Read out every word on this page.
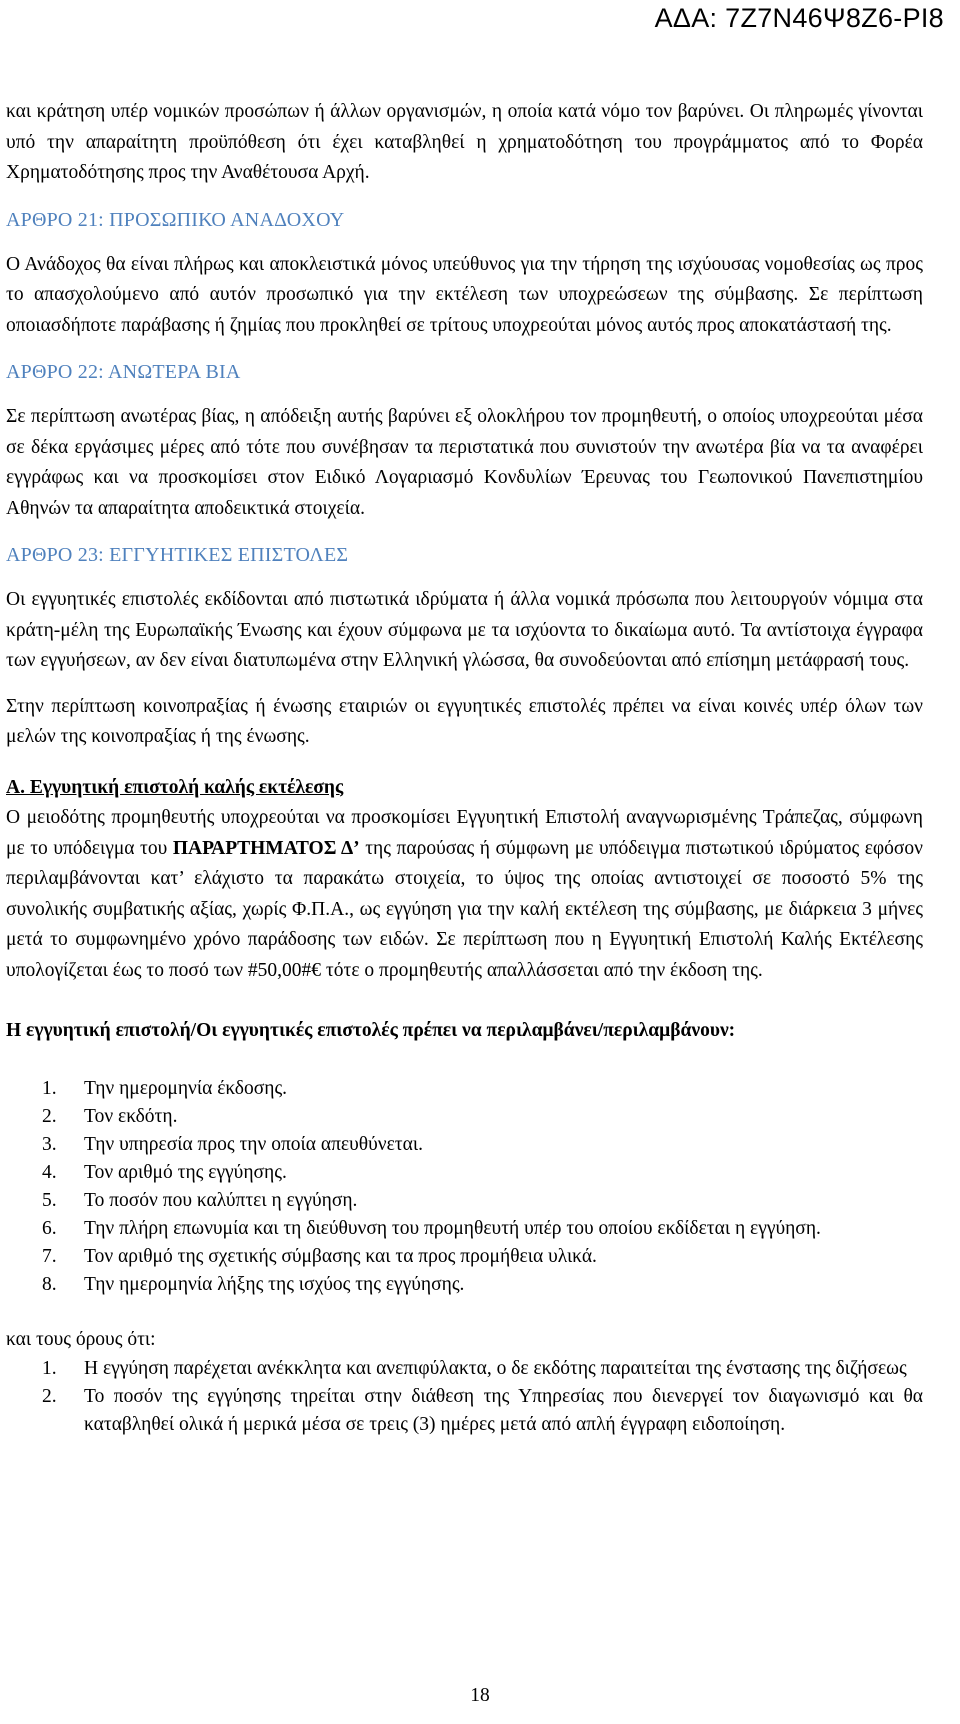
ΑΔΑ: 7Ζ7Ν46Ψ8Ζ6-ΡΙ8

και κράτηση υπέρ νομικών προσώπων ή άλλων οργανισμών, η οποία κατά νόμο τον βαρύνει. Οι πληρωμές γίνονται υπό την απαραίτητη προϋπόθεση ότι έχει καταβληθεί η χρηματοδότηση του προγράμματος από το Φορέα Χρηματοδότησης προς την Αναθέτουσα Αρχή.

ΑΡΘΡΟ 21: ΠΡΟΣΩΠΙΚΟ ΑΝΑΔΟΧΟΥ

Ο Ανάδοχος θα είναι πλήρως και αποκλειστικά μόνος υπεύθυνος για την τήρηση της ισχύουσας νομοθεσίας ως προς το απασχολούμενο από αυτόν προσωπικό για την εκτέλεση των υποχρεώσεων της σύμβασης. Σε περίπτωση οποιασδήποτε παράβασης ή ζημίας που προκληθεί σε τρίτους υποχρεούται μόνος αυτός προς αποκατάστασή της.

ΑΡΘΡΟ 22: ΑΝΩΤΕΡΑ ΒΙΑ

Σε περίπτωση ανωτέρας βίας, η απόδειξη αυτής βαρύνει εξ ολοκλήρου τον προμηθευτή, ο οποίος υποχρεούται μέσα σε δέκα εργάσιμες μέρες από τότε που συνέβησαν τα περιστατικά που συνιστούν την ανωτέρα βία να τα αναφέρει εγγράφως και να προσκομίσει στον Ειδικό Λογαριασμό Κονδυλίων Έρευνας του Γεωπονικού Πανεπιστημίου Αθηνών τα απαραίτητα αποδεικτικά στοιχεία.

ΑΡΘΡΟ 23: ΕΓΓΥΗΤΙΚΕΣ ΕΠΙΣΤΟΛΕΣ

Οι εγγυητικές επιστολές εκδίδονται από πιστωτικά ιδρύματα ή άλλα νομικά πρόσωπα που λειτουργούν νόμιμα στα κράτη-μέλη της Ευρωπαϊκής Ένωσης και έχουν σύμφωνα με τα ισχύοντα το δικαίωμα αυτό. Τα αντίστοιχα έγγραφα των εγγυήσεων, αν δεν είναι διατυπωμένα στην Ελληνική γλώσσα, θα συνοδεύονται από επίσημη μετάφρασή τους.

Στην περίπτωση κοινοπραξίας ή ένωσης εταιριών οι εγγυητικές επιστολές πρέπει να είναι κοινές υπέρ όλων των μελών της κοινοπραξίας ή της ένωσης.

Α. Εγγυητική επιστολή καλής εκτέλεσης

Ο μειοδότης προμηθευτής υποχρεούται να προσκομίσει Εγγυητική Επιστολή αναγνωρισμένης Τράπεζας, σύμφωνη με το υπόδειγμα του ΠΑΡΑΡΤΗΜΑΤΟΣ Δ’ της παρούσας ή σύμφωνη με υπόδειγμα πιστωτικού ιδρύματος εφόσον περιλαμβάνονται κατ’ ελάχιστο τα παρακάτω στοιχεία, το ύψος της οποίας αντιστοιχεί σε ποσοστό 5% της συνολικής συμβατικής αξίας, χωρίς Φ.Π.Α., ως εγγύηση για την καλή εκτέλεση της σύμβασης, με διάρκεια 3 μήνες μετά το συμφωνημένο χρόνο παράδοσης των ειδών. Σε περίπτωση που η Εγγυητική Επιστολή Καλής Εκτέλεσης υπολογίζεται έως το ποσό των #50,00#€ τότε ο προμηθευτής απαλλάσσεται από την έκδοση της.

Η εγγυητική επιστολή/Οι εγγυητικές επιστολές πρέπει να περιλαμβάνει/περιλαμβάνουν:

1. Την ημερομηνία έκδοσης.
2. Τον εκδότη.
3. Την υπηρεσία προς την οποία απευθύνεται.
4. Τον αριθμό της εγγύησης.
5. Το ποσόν που καλύπτει η εγγύηση.
6. Την πλήρη επωνυμία και τη διεύθυνση του προμηθευτή υπέρ του οποίου εκδίδεται η εγγύηση.
7. Τον αριθμό της σχετικής σύμβασης και τα προς προμήθεια υλικά.
8. Την ημερομηνία λήξης της ισχύος της εγγύησης.

και τους όρους ότι:

1. Η εγγύηση παρέχεται ανέκκλητα και ανεπιφύλακτα, ο δε εκδότης παραιτείται της ένστασης της διζήσεως
2. Το ποσόν της εγγύησης τηρείται στην διάθεση της Υπηρεσίας που διενεργεί τον διαγωνισμό και θα καταβληθεί ολικά ή μερικά μέσα σε τρεις (3) ημέρες μετά από απλή έγγραφη ειδοποίηση.
18
